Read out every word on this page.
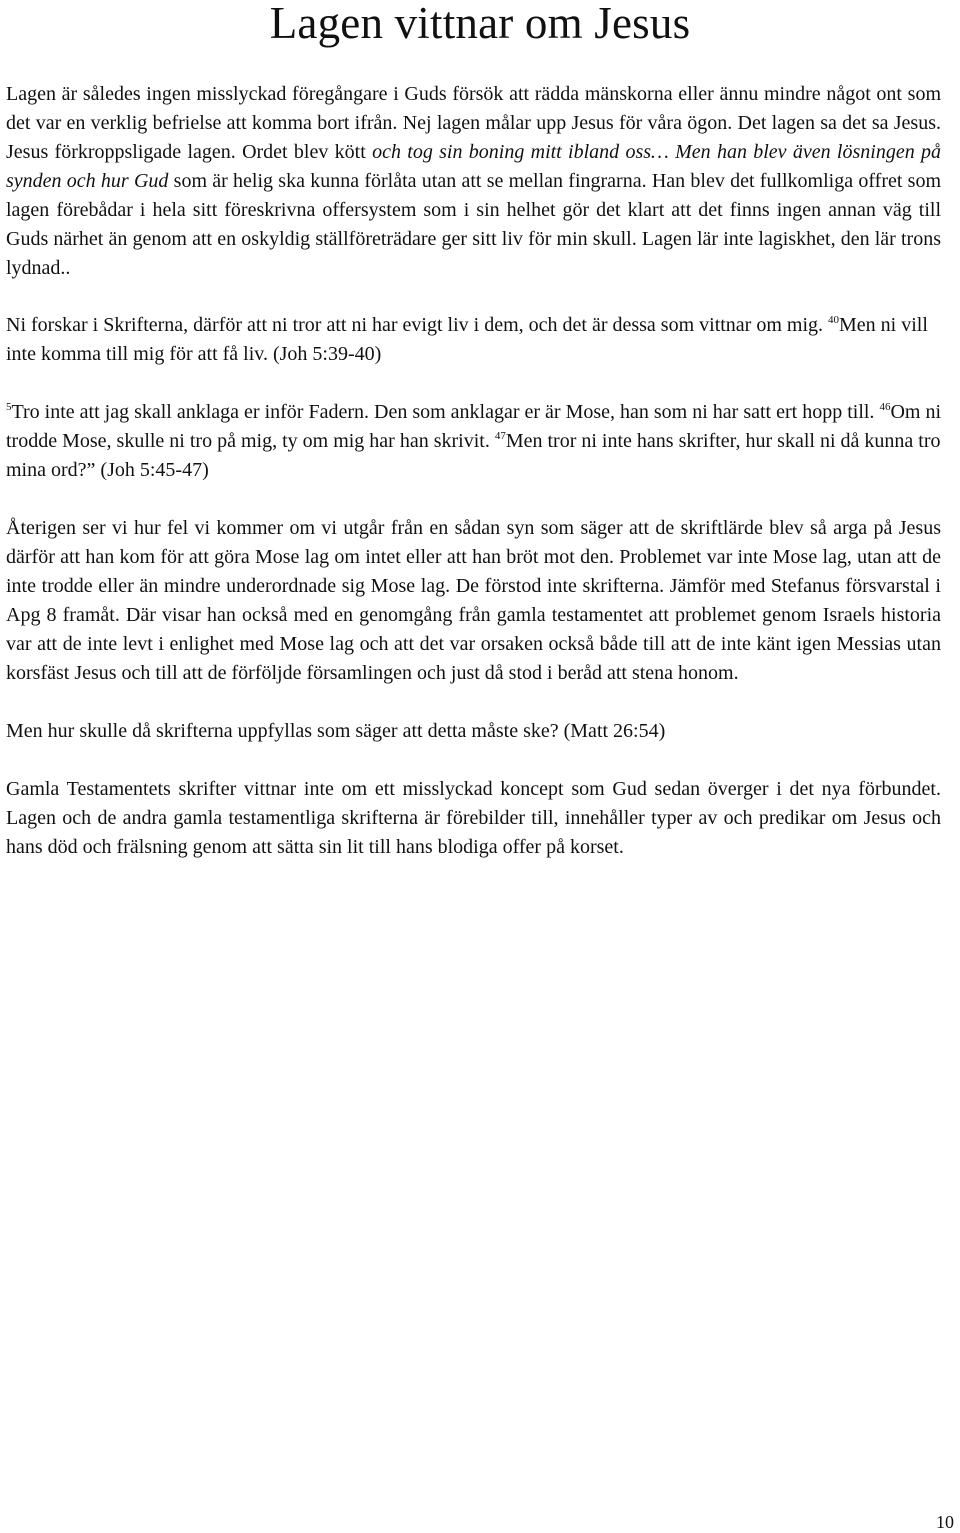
Lagen vittnar om Jesus

Lagen är således ingen misslyckad föregångare i Guds försök att rädda mänskorna eller ännu mindre något ont som det var en verklig befrielse att komma bort ifrån. Nej lagen målar upp Jesus för våra ögon. Det lagen sa det sa Jesus. Jesus förkroppsligade lagen. Ordet blev kött och tog sin boning mitt ibland oss… Men han blev även lösningen på synden och hur Gud som är helig ska kunna förlåta utan att se mellan fingrarna. Han blev det fullkomliga offret som lagen förebådar i hela sitt föreskrivna offersystem som i sin helhet gör det klart att det finns ingen annan väg till Guds närhet än genom att en oskyldig ställföreträdare ger sitt liv för min skull. Lagen lär inte lagiskhet, den lär trons lydnad..

Ni forskar i Skrifterna, därför att ni tror att ni har evigt liv i dem, och det är dessa som vittnar om mig. $^{40}$Men ni vill inte komma till mig för att få liv. (Joh 5:39-40)

$^5$Tro inte att jag skall anklaga er inför Fadern. Den som anklagar er är Mose, han som ni har satt ert hopp till. $^{46}$Om ni trodde Mose, skulle ni tro på mig, ty om mig har han skrivit. $^{47}$Men tror ni inte hans skrifter, hur skall ni då kunna tro mina ord?” (Joh 5:45-47)

Återigen ser vi hur fel vi kommer om vi utgår från en sådan syn som säger att de skriftlärde blev så arga på Jesus därför att han kom för att göra Mose lag om intet eller att han bröt mot den. Problemet var inte Mose lag, utan att de inte trodde eller än mindre underordnade sig Mose lag. De förstod inte skrifterna. Jämför med Stefanus försvarstal i Apg 8 framåt. Där visar han också med en genomgång från gamla testamentet att problemet genom Israels historia var att de inte levt i enlighet med Mose lag och att det var orsaken också både till att de inte känt igen Messias utan korsfäst Jesus och till att de förföljde församlingen och just då stod i beråd att stena honom.

Men hur skulle då skrifterna uppfyllas som säger att detta måste ske? (Matt 26:54)

Gamla Testamentets skrifter vittnar inte om ett misslyckad koncept som Gud sedan överger i det nya förbundet. Lagen och de andra gamla testamentliga skrifterna är förebilder till, innehåller typer av och predikar om Jesus och hans död och frälsning genom att sätta sin lit till hans blodiga offer på korset.

10
